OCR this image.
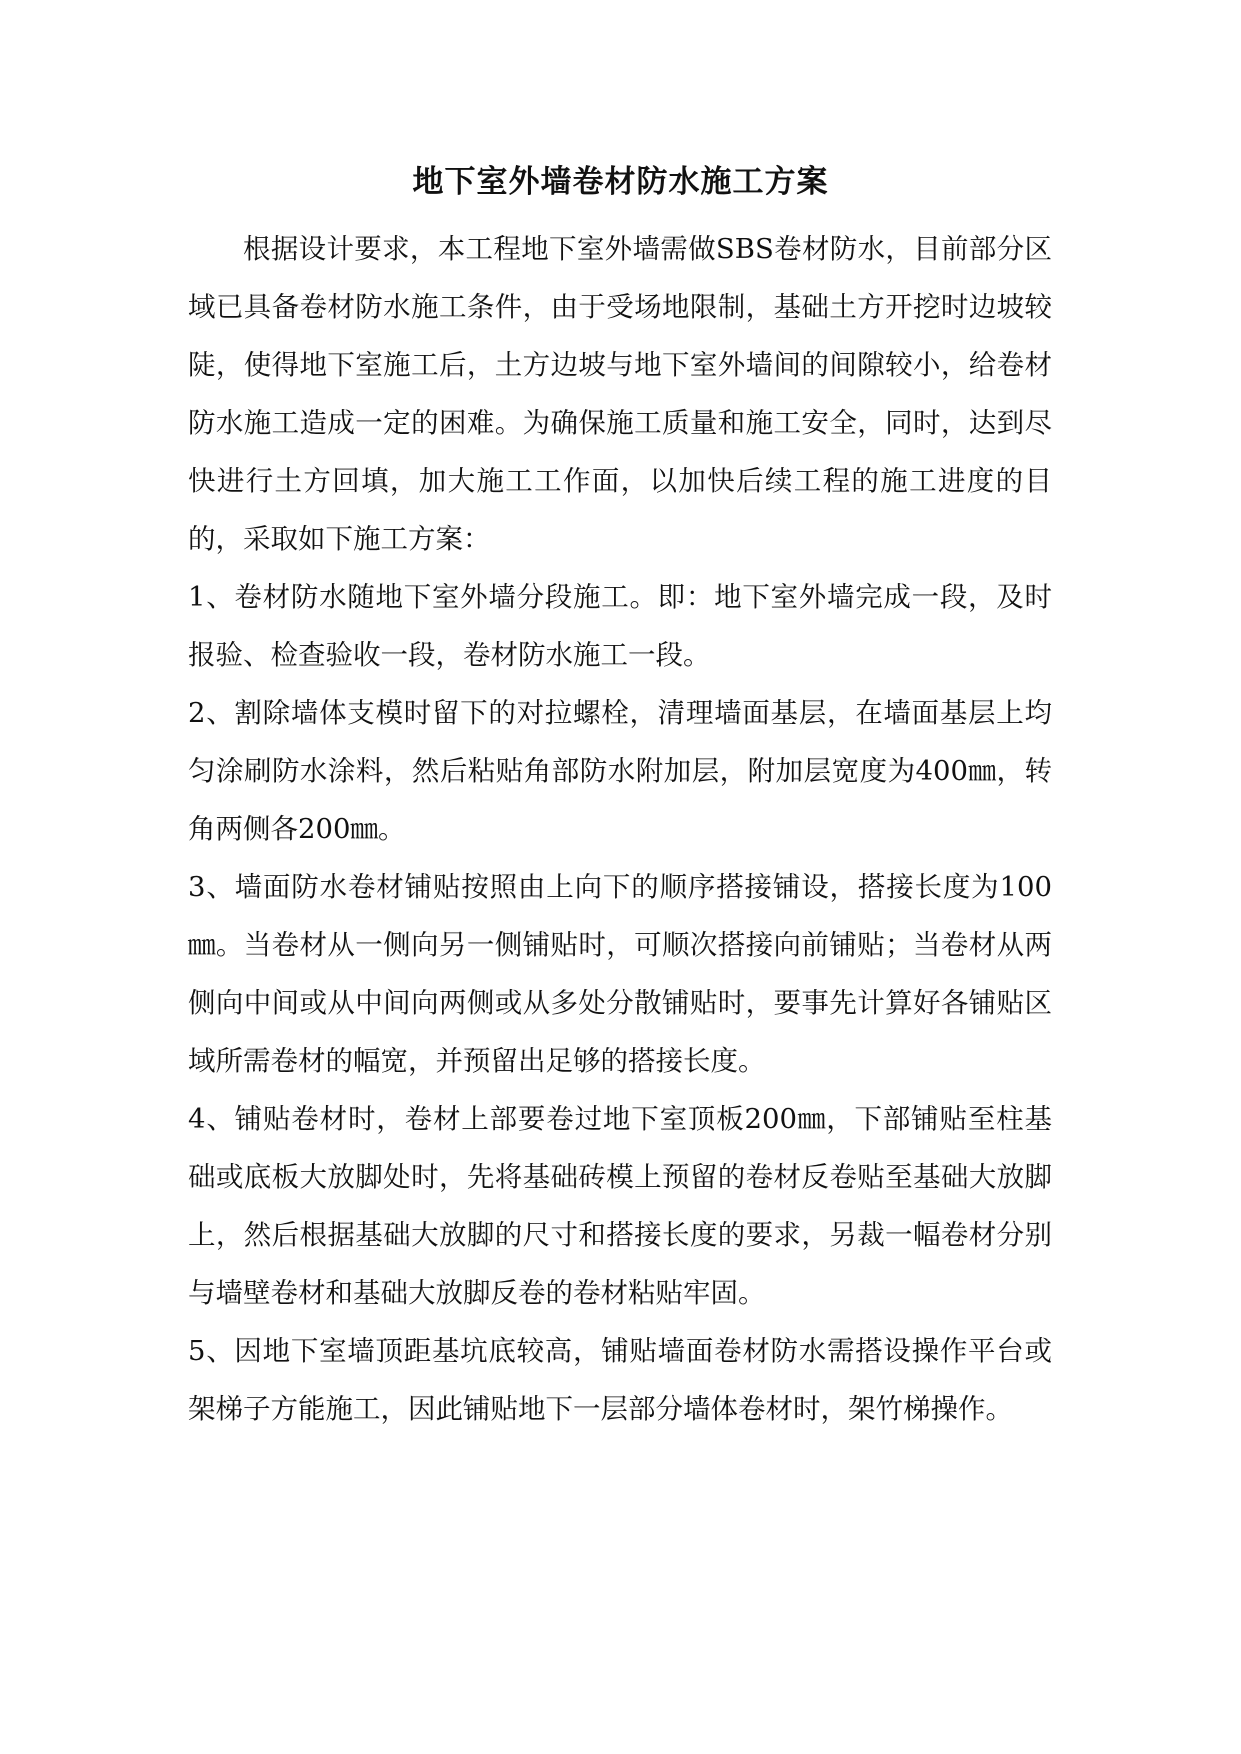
地下室外墙卷材防水施工方案

根据设计要求，本工程地下室外墙需做SBS卷材防水，目前部分区域已具备卷材防水施工条件，由于受场地限制，基础土方开挖时边坡较陡，使得地下室施工后，土方边坡与地下室外墙间的间隙较小，给卷材防水施工造成一定的困难。为确保施工质量和施工安全，同时，达到尽快进行土方回填，加大施工工作面，以加快后续工程的施工进度的目的，采取如下施工方案：

1、卷材防水随地下室外墙分段施工。即：地下室外墙完成一段，及时报验、检查验收一段，卷材防水施工一段。

2、割除墙体支模时留下的对拉螺栓，清理墙面基层，在墙面基层上均匀涂刷防水涂料，然后粘贴角部防水附加层，附加层宽度为400㎜，转角两侧各200㎜。

3、墙面防水卷材铺贴按照由上向下的顺序搭接铺设，搭接长度为100㎜。当卷材从一侧向另一侧铺贴时，可顺次搭接向前铺贴；当卷材从两侧向中间或从中间向两侧或从多处分散铺贴时，要事先计算好各铺贴区域所需卷材的幅宽，并预留出足够的搭接长度。

4、铺贴卷材时，卷材上部要卷过地下室顶板200㎜，下部铺贴至柱基础或底板大放脚处时，先将基础砖模上预留的卷材反卷贴至基础大放脚上，然后根据基础大放脚的尺寸和搭接长度的要求，另裁一幅卷材分别与墙壁卷材和基础大放脚反卷的卷材粘贴牢固。

5、因地下室墙顶距基坑底较高，铺贴墙面卷材防水需搭设操作平台或架梯子方能施工，因此铺贴地下一层部分墙体卷材时，架竹梯操作。
